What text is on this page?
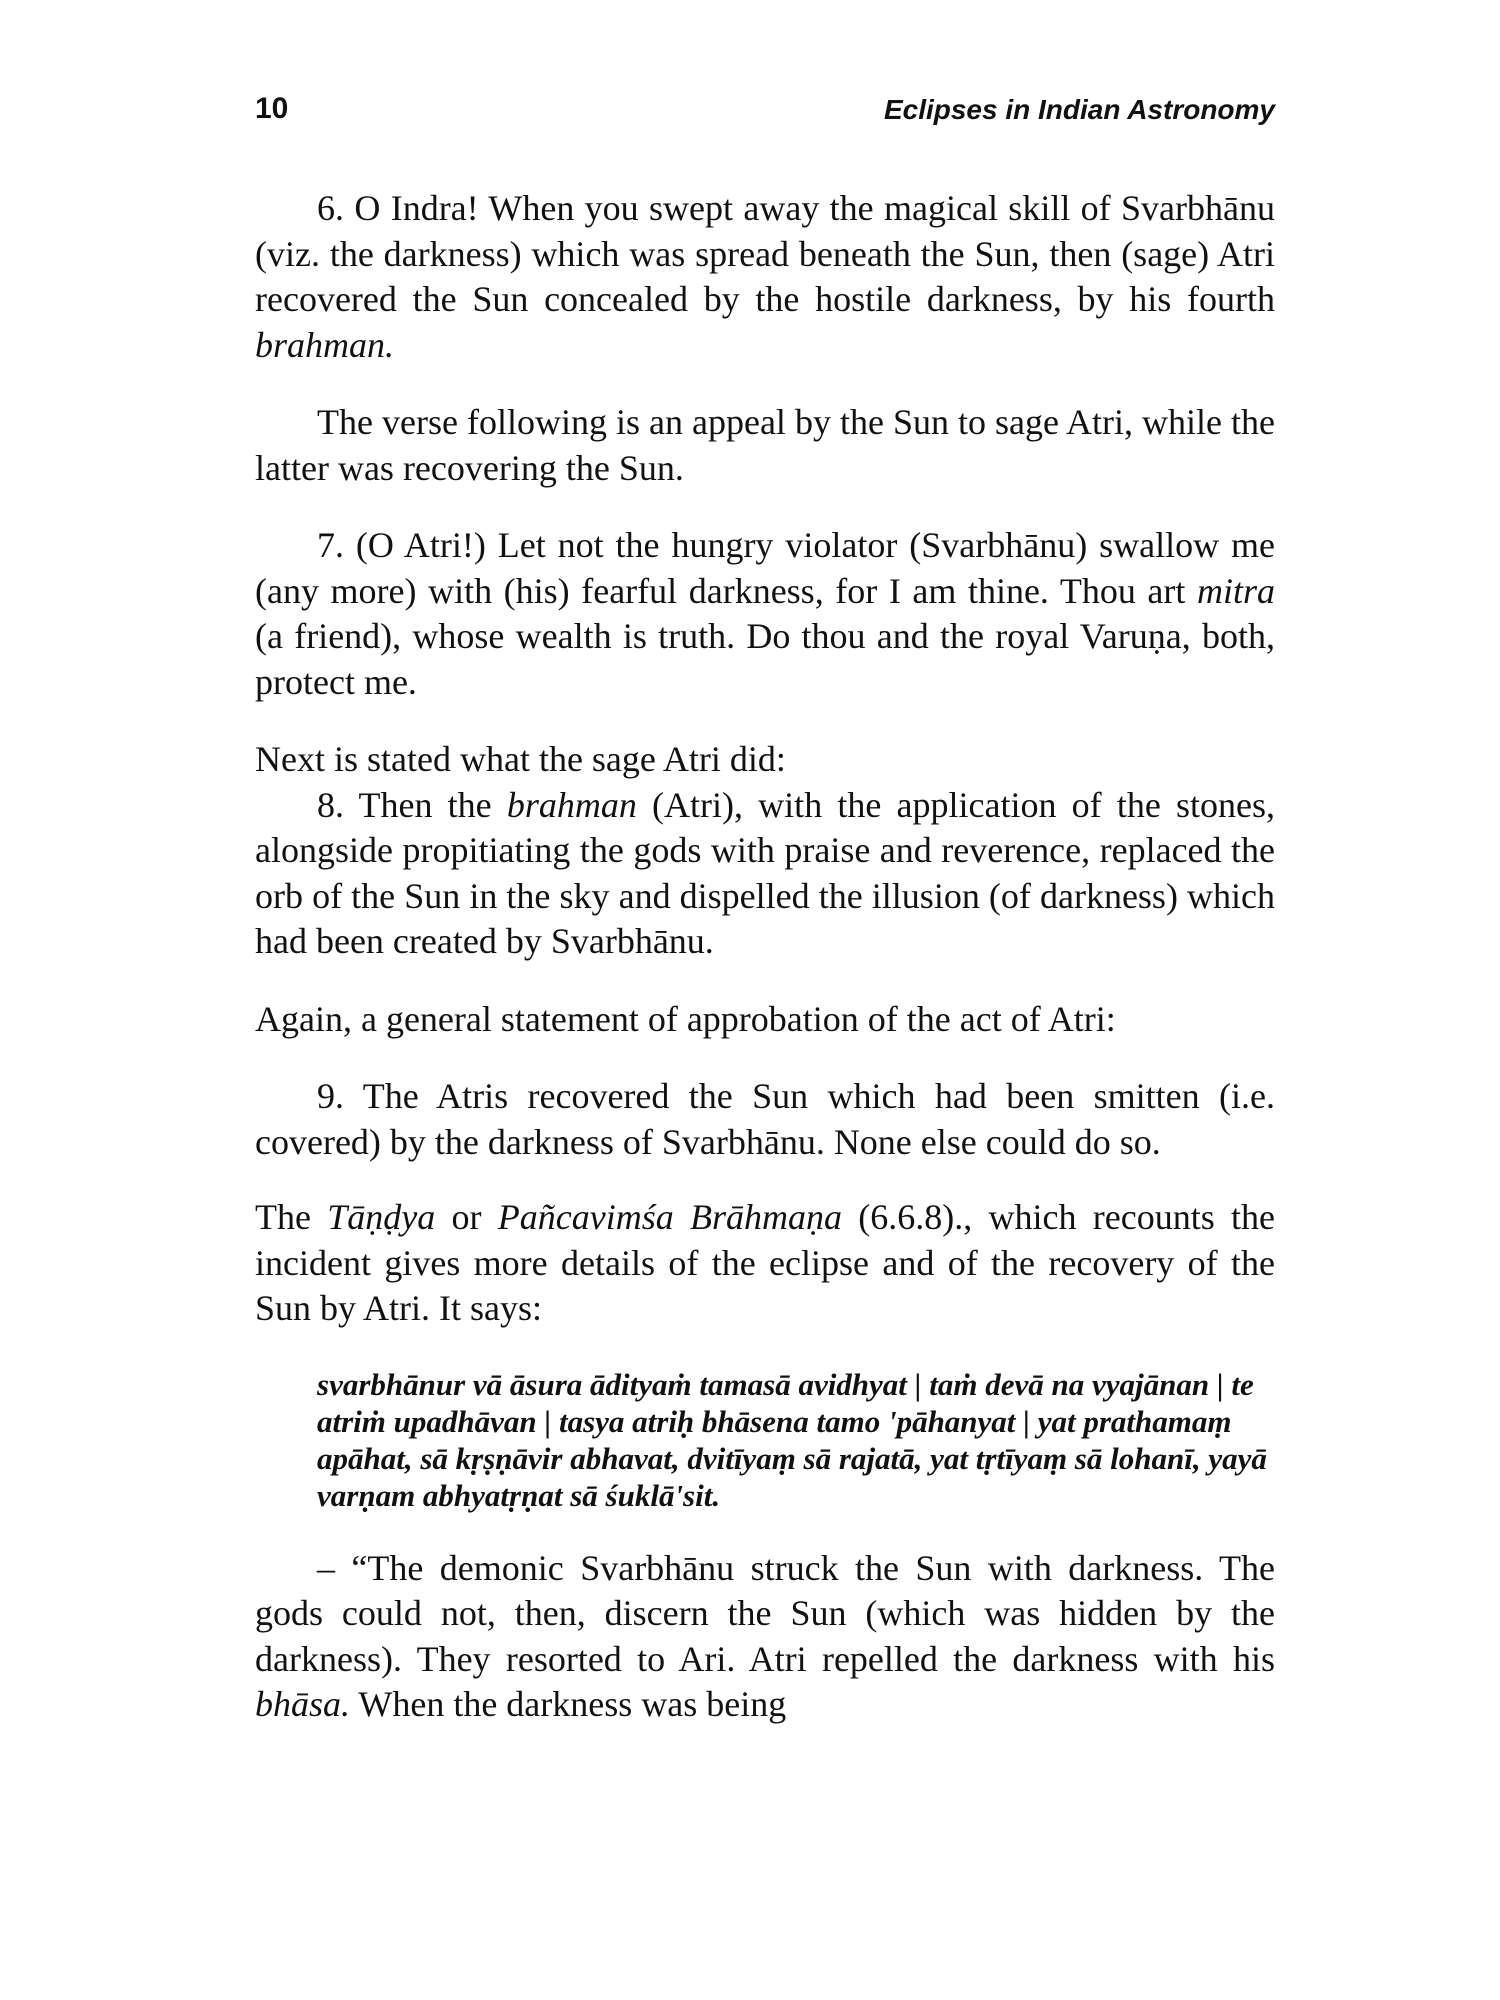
10	Eclipses in Indian Astronomy

6. O Indra! When you swept away the magical skill of Svarbhānu (viz. the darkness) which was spread beneath the Sun, then (sage) Atri recovered the Sun concealed by the hostile darkness, by his fourth brahman.

The verse following is an appeal by the Sun to sage Atri, while the latter was recovering the Sun.

7. (O Atri!) Let not the hungry violator (Svarbhānu) swallow me (any more) with (his) fearful darkness, for I am thine. Thou art mitra (a friend), whose wealth is truth. Do thou and the royal Varuṇa, both, protect me.

Next is stated what the sage Atri did:

8. Then the brahman (Atri), with the application of the stones, alongside propitiating the gods with praise and reverence, replaced the orb of the Sun in the sky and dispelled the illusion (of darkness) which had been created by Svarbhānu.

Again, a general statement of approbation of the act of Atri:

9. The Atris recovered the Sun which had been smitten (i.e. covered) by the darkness of Svarbhānu. None else could do so.

The Tāṇḍya or Pañcavimśa Brāhmaṇa (6.6.8)., which recounts the incident gives more details of the eclipse and of the recovery of the Sun by Atri. It says:

svarbhānur vā āsura ādityaṁ tamasā avidhyat | taṁ devā na vyajānan | te atriṁ upadhāvan | tasya atriḥ bhāsena tamo 'pāhanyat | yat prathamaṃ apāhat, sā kṛṣṇāvir abhavat, dvitīyaṃ sā rajatā, yat tṛtīyaṃ sā lohanī, yayā varṇam abhyatṛṇat sā śuklā'sit.

– “The demonic Svarbhānu struck the Sun with darkness. The gods could not, then, discern the Sun (which was hidden by the darkness). They resorted to Ari. Atri repelled the darkness with his bhāsa. When the darkness was being
